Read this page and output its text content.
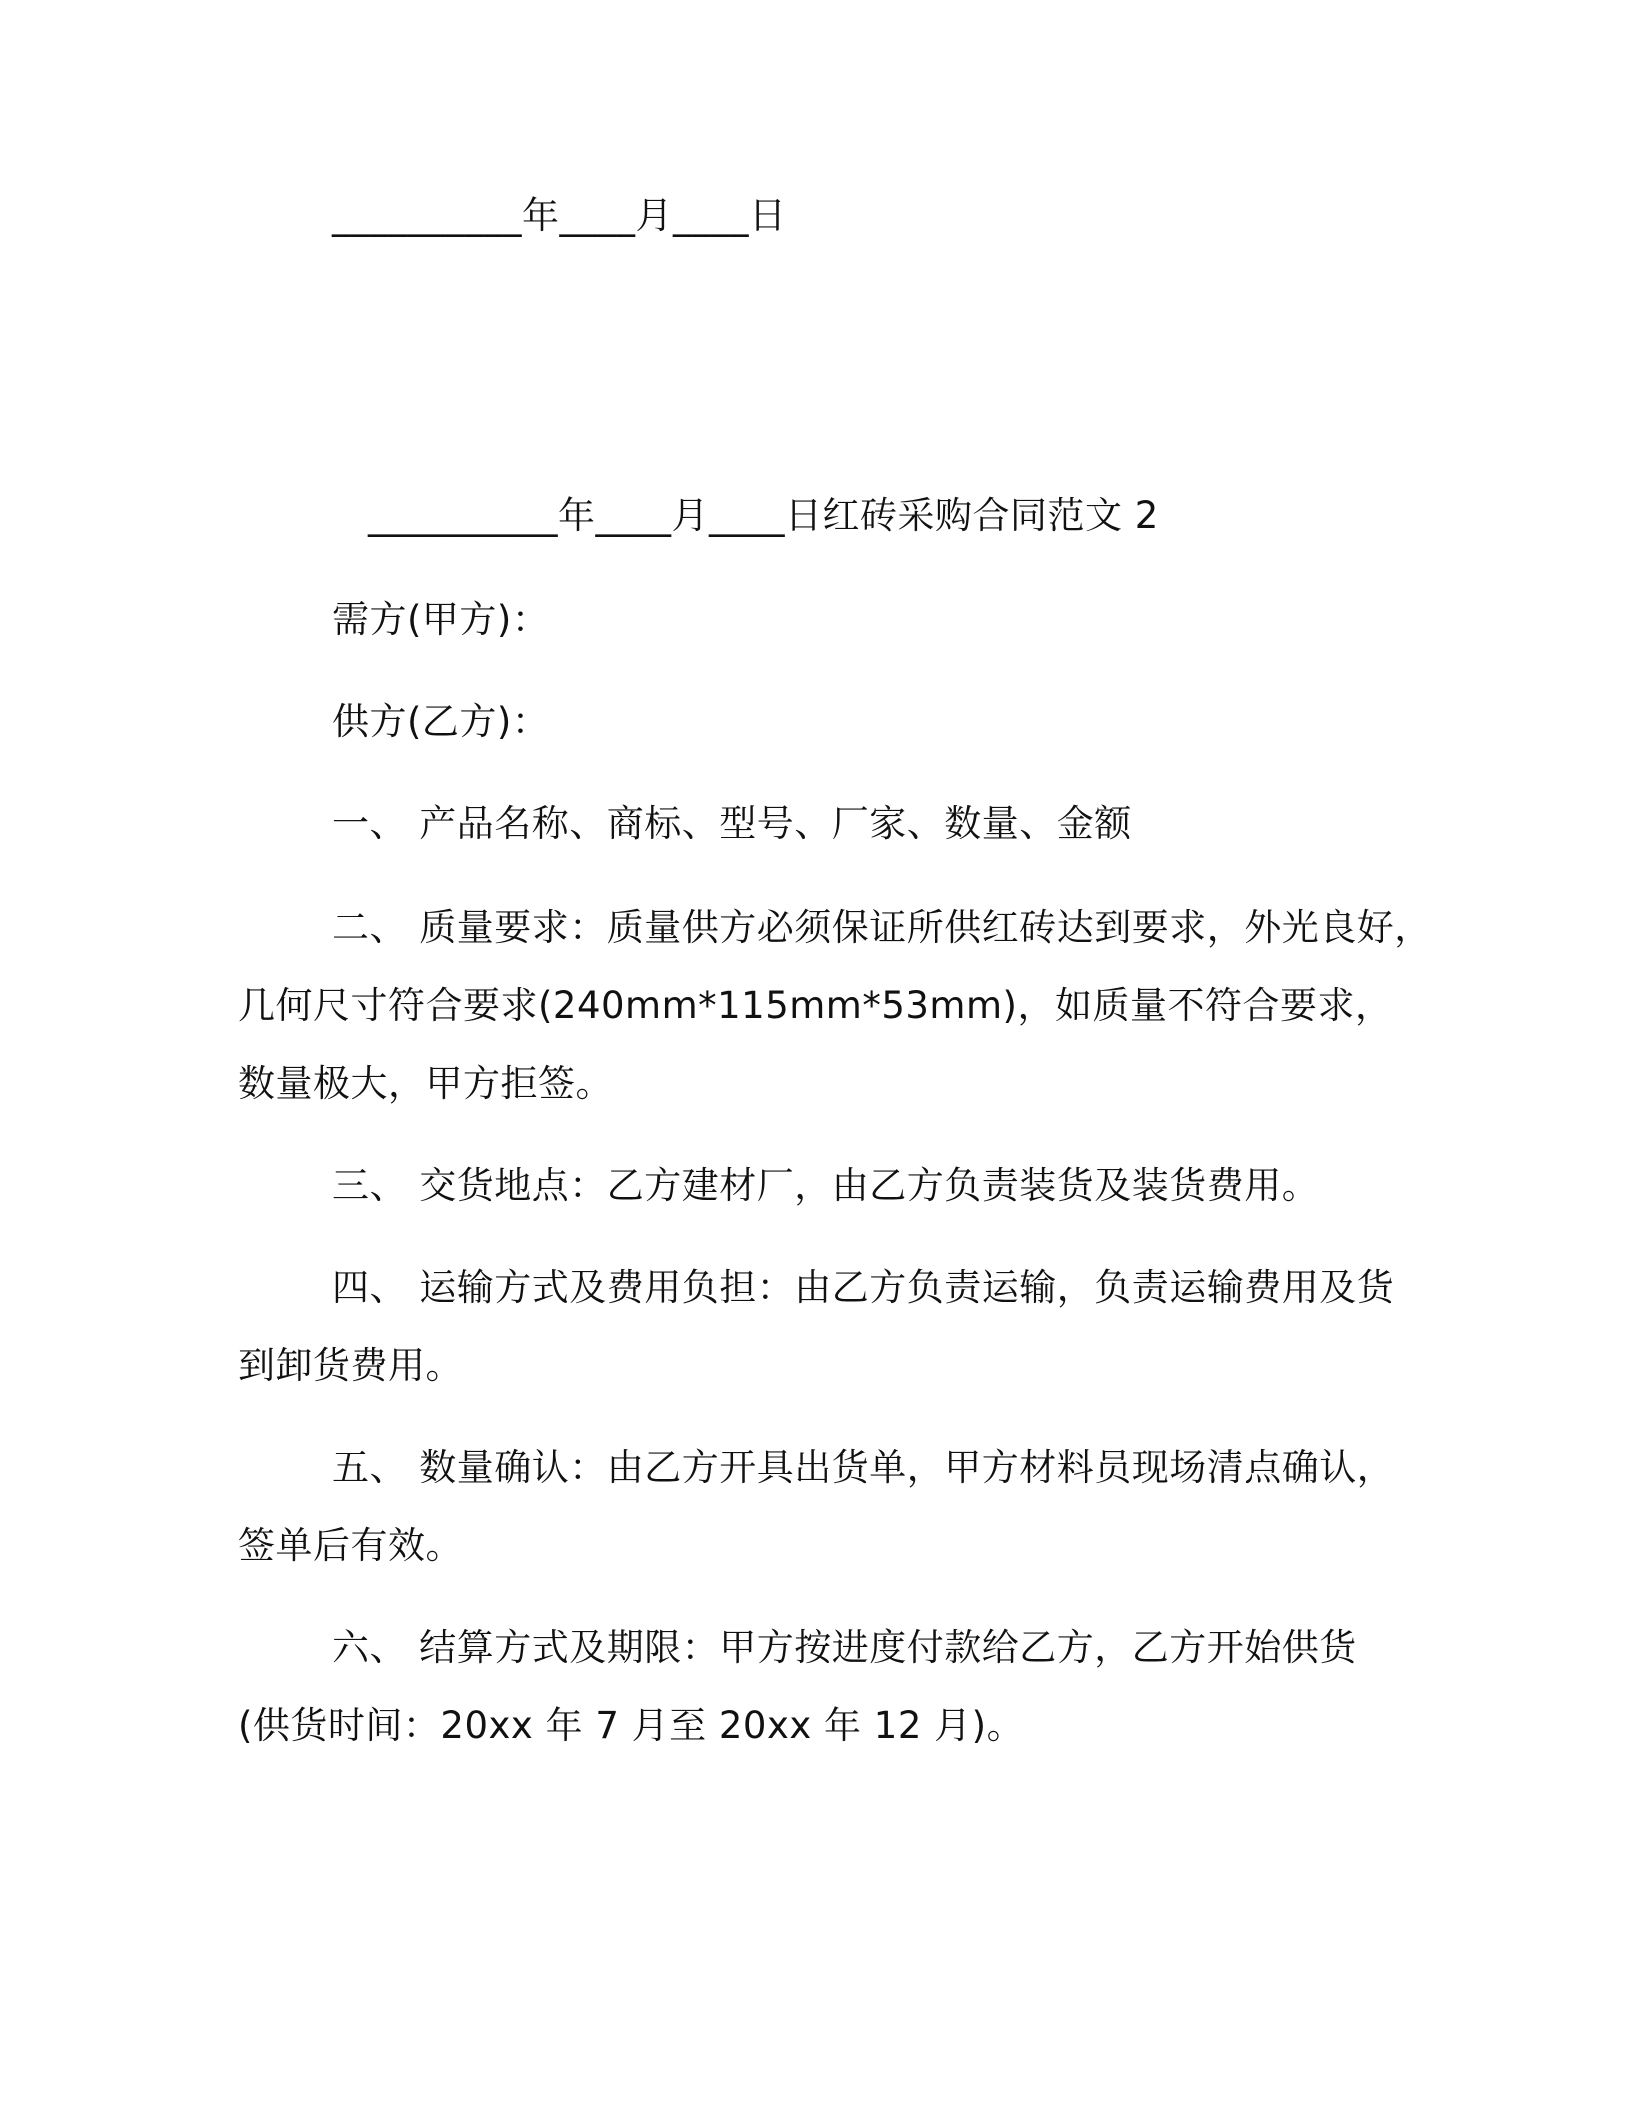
__________年____月____日
__________年____月____日红砖采购合同范文 2
需方(甲方)：
供方(乙方)：
一、 产品名称、商标、型号、厂家、数量、金额
二、 质量要求：质量供方必须保证所供红砖达到要求，外光良好，
几何尺寸符合要求(240mm*115mm*53mm)，如质量不符合要求，
数量极大，甲方拒签。
三、 交货地点：乙方建材厂，由乙方负责装货及装货费用。
四、 运输方式及费用负担：由乙方负责运输，负责运输费用及货
到卸货费用。
五、 数量确认：由乙方开具出货单，甲方材料员现场清点确认，
签单后有效。
六、 结算方式及期限：甲方按进度付款给乙方，乙方开始供货
(供货时间：20xx 年 7 月至 20xx 年 12 月)。
